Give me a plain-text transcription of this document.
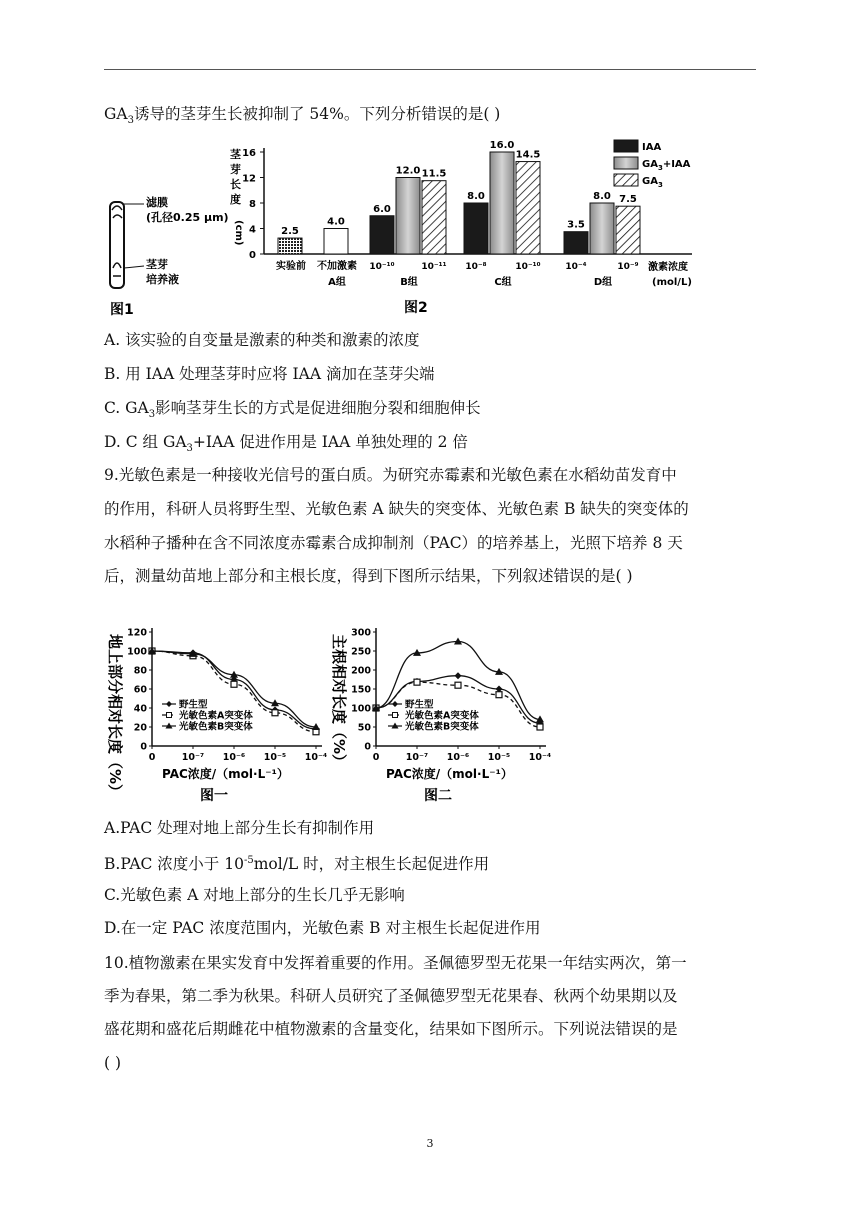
$GA_3$诱导的茎芽生长被抑制了 54%。下列分析错误的是( )
滤膜
(孔径0.25 μm)
茎芽
培养液
图1	图2
激素浓度
(mol/L)
茎
芽
长
度
(cm)
0
4
8
12
16
2.5
实验前
4.0
不加激素
A组
6.0
12.0 11.5
10⁻¹⁰	10⁻¹¹
B组
8.0
16.0
14.5
10⁻⁸	10⁻¹⁰
C组
3.5
8.0 7.5
10⁻⁴	10⁻⁹
D组
IAA
$GA_3+IAA$
$GA_3$
A. 该实验的自变量是激素的种类和激素的浓度
B. 用 IAA 处理茎芽时应将 IAA 滴加在茎芽尖端
C. $GA_3$影响茎芽生长的方式是促进细胞分裂和细胞伸长
D. C 组 $GA_3+IAA$ 促进作用是 IAA 单独处理的 2 倍
9.光敏色素是一种接收光信号的蛋白质。为研究赤霉素和光敏色素在水稻幼苗发育中
的作用，科研人员将野生型、光敏色素 A 缺失的突变体、光敏色素 B 缺失的突变体的
水稻种子播种在含不同浓度赤霉素合成抑制剂（PAC）的培养基上，光照下培养 8 天
后，测量幼苗地上部分和主根长度，得到下图所示结果，下列叙述错误的是( )
地上部分相对长度（%） 0
20
40
60
80
100
120
0	10⁻⁷ 10⁻⁶ 10⁻⁵ 10⁻⁴
PAC浓度/（mol·L⁻¹）
图一
野生型
光敏色素A突变体
光敏色素B突变体	主根相对长度（%） 0
50
100
150
200
250
300
0	10⁻⁷ 10⁻⁶ 10⁻⁵ 10⁻⁴
PAC浓度/（mol·L⁻¹）
图二
野生型
光敏色素A突变体
光敏色素B突变体
A.PAC 处理对地上部分生长有抑制作用
B.PAC 浓度小于 $10^{-5}mol/L$ 时，对主根生长起促进作用
C.光敏色素 A 对地上部分的生长几乎无影响
D.在一定 PAC 浓度范围内，光敏色素 B 对主根生长起促进作用
10.植物激素在果实发育中发挥着重要的作用。圣佩德罗型无花果一年结实两次，第一
季为春果，第二季为秋果。科研人员研究了圣佩德罗型无花果春、秋两个幼果期以及
盛花期和盛花后期雌花中植物激素的含量变化，结果如下图所示。下列说法错误的是
( )
3
